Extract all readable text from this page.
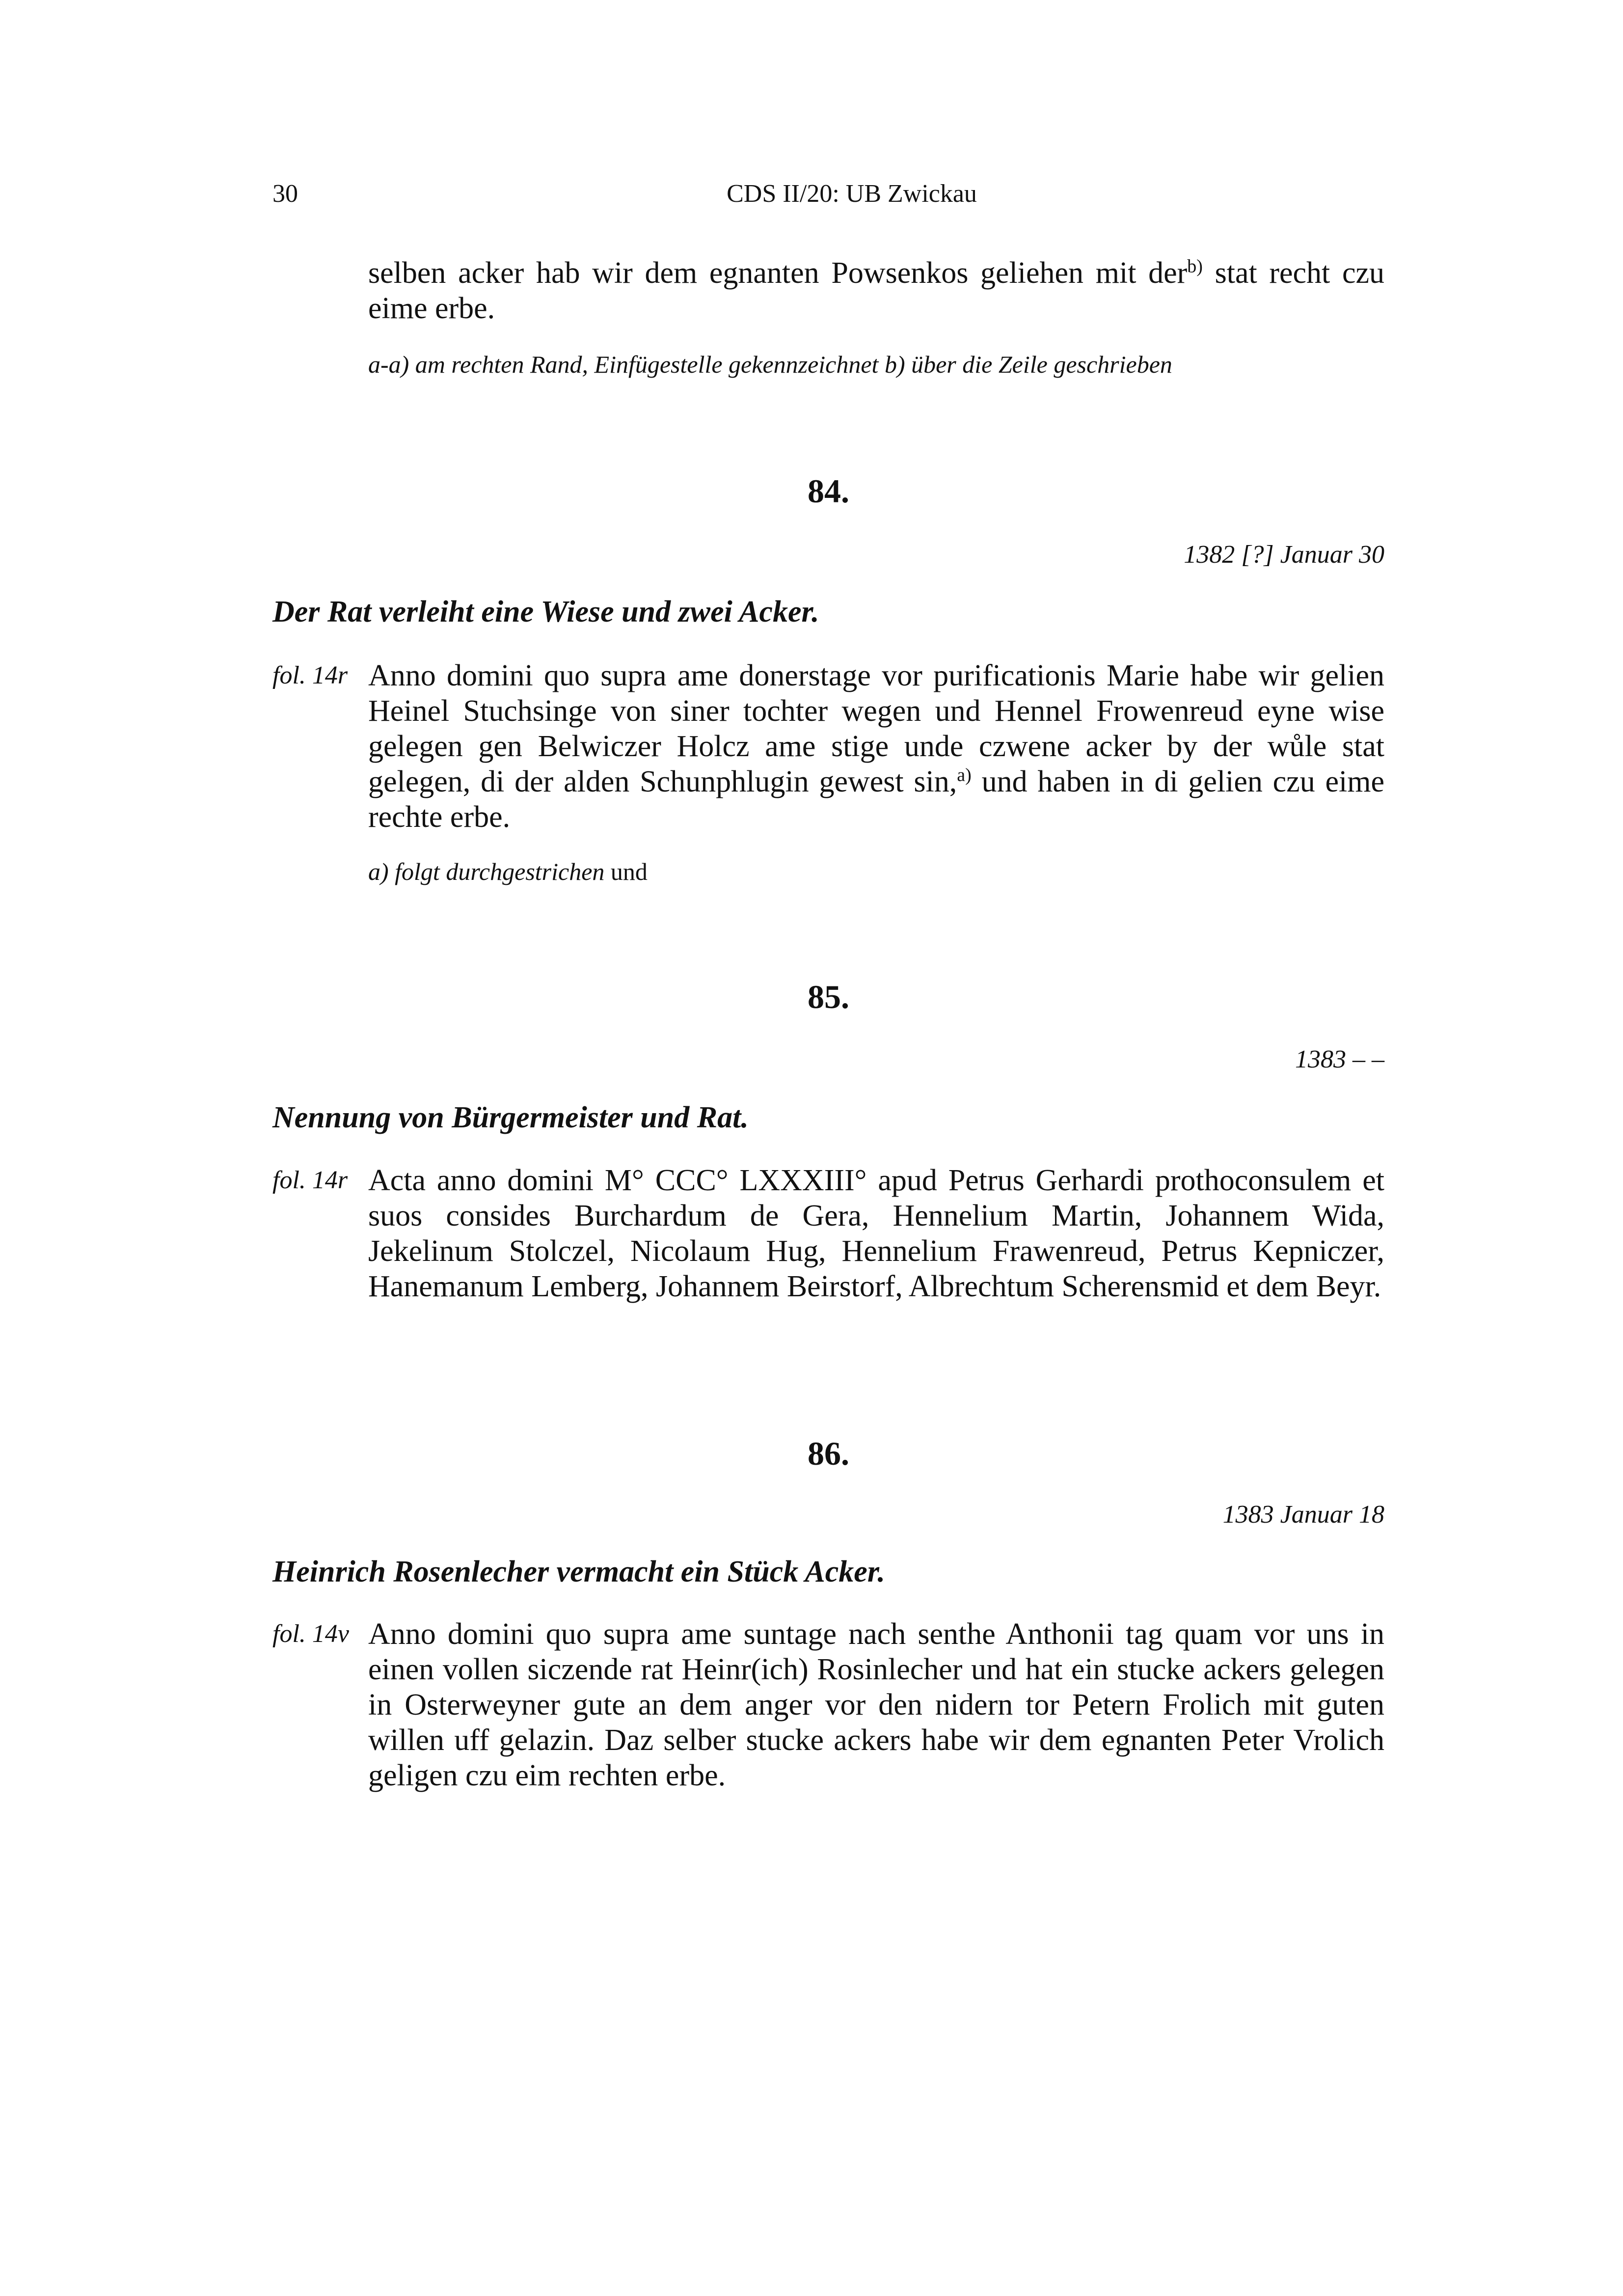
30	CDS II/20: UB Zwickau
selben acker hab wir dem egnanten Powsenkos geliehen mit der$^{b)}$ stat recht czu eime erbe.
a-a) am rechten Rand, Einfügestelle gekennzeichnet b) über die Zeile geschrieben
84.
1382 [?] Januar 30
Der Rat verleiht eine Wiese und zwei Acker.
fol. 14r Anno domini quo supra ame donerstage vor purificationis Marie habe wir gelien Heinel Stuchsinge von siner tochter wegen und Hennel Frowenreud eyne wise gelegen gen Belwiczer Holcz ame stige unde czwene acker by der wůle stat gelegen, di der alden Schunphlugin gewest sin,$^{a)}$ und haben in di gelien czu eime rechte erbe.
a) folgt durchgestrichen und
85.
1383 – –
Nennung von Bürgermeister und Rat.
fol. 14r Acta anno domini M° CCC° LXXXIII° apud Petrus Gerhardi prothoconsulem et suos consides Burchardum de Gera, Hennelium Martin, Johannem Wida, Jekelinum Stolczel, Nicolaum Hug, Hennelium Frawenreud, Petrus Kepniczer, Hanemanum Lemberg, Johannem Beirstorf, Albrechtum Scherensmid et dem Beyr.
86.
1383 Januar 18
Heinrich Rosenlecher vermacht ein Stück Acker.
fol. 14v Anno domini quo supra ame suntage nach senthe Anthonii tag quam vor uns in einen vollen siczende rat Heinr(ich) Rosinlecher und hat ein stucke ackers gelegen in Osterweyner gute an dem anger vor den nidern tor Petern Frolich mit guten willen uff gelazin. Daz selber stucke ackers habe wir dem egnanten Peter Vrolich geligen czu eim rechten erbe.
